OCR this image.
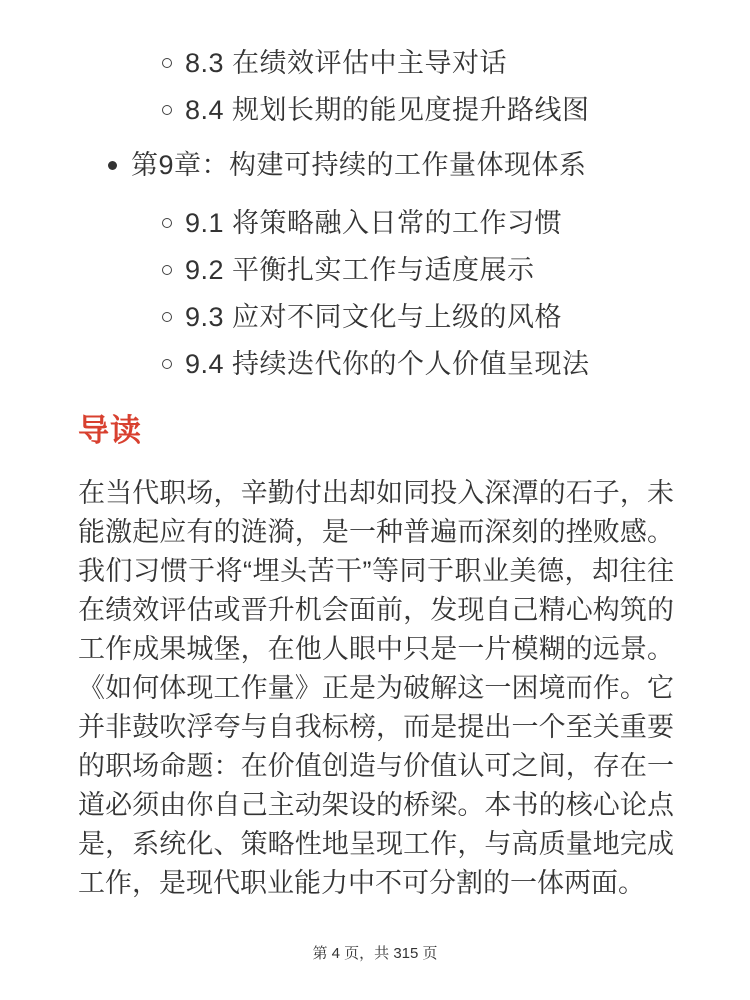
8.3 在绩效评估中主导对话
8.4 规划长期的能见度提升路线图
第9章：构建可持续的工作量体现体系
9.1 将策略融入日常的工作习惯
9.2 平衡扎实工作与适度展示
9.3 应对不同文化与上级的风格
9.4 持续迭代你的个人价值呈现法
导读

在当代职场，辛勤付出却如同投入深潭的石子，未能激起应有的涟漪，是一种普遍而深刻的挫败感。我们习惯于将“埋头苦干”等同于职业美德，却往往在绩效评估或晋升机会面前，发现自己精心构筑的工作成果城堡，在他人眼中只是一片模糊的远景。《如何体现工作量》正是为破解这一困境而作。它并非鼓吹浮夸与自我标榜，而是提出一个至关重要的职场命题：在价值创造与价值认可之间，存在一道必须由你自己主动架设的桥梁。本书的核心论点是，系统化、策略性地呈现工作，与高质量地完成工作，是现代职业能力中不可分割的一体两面。

第 4 页，共 315 页
